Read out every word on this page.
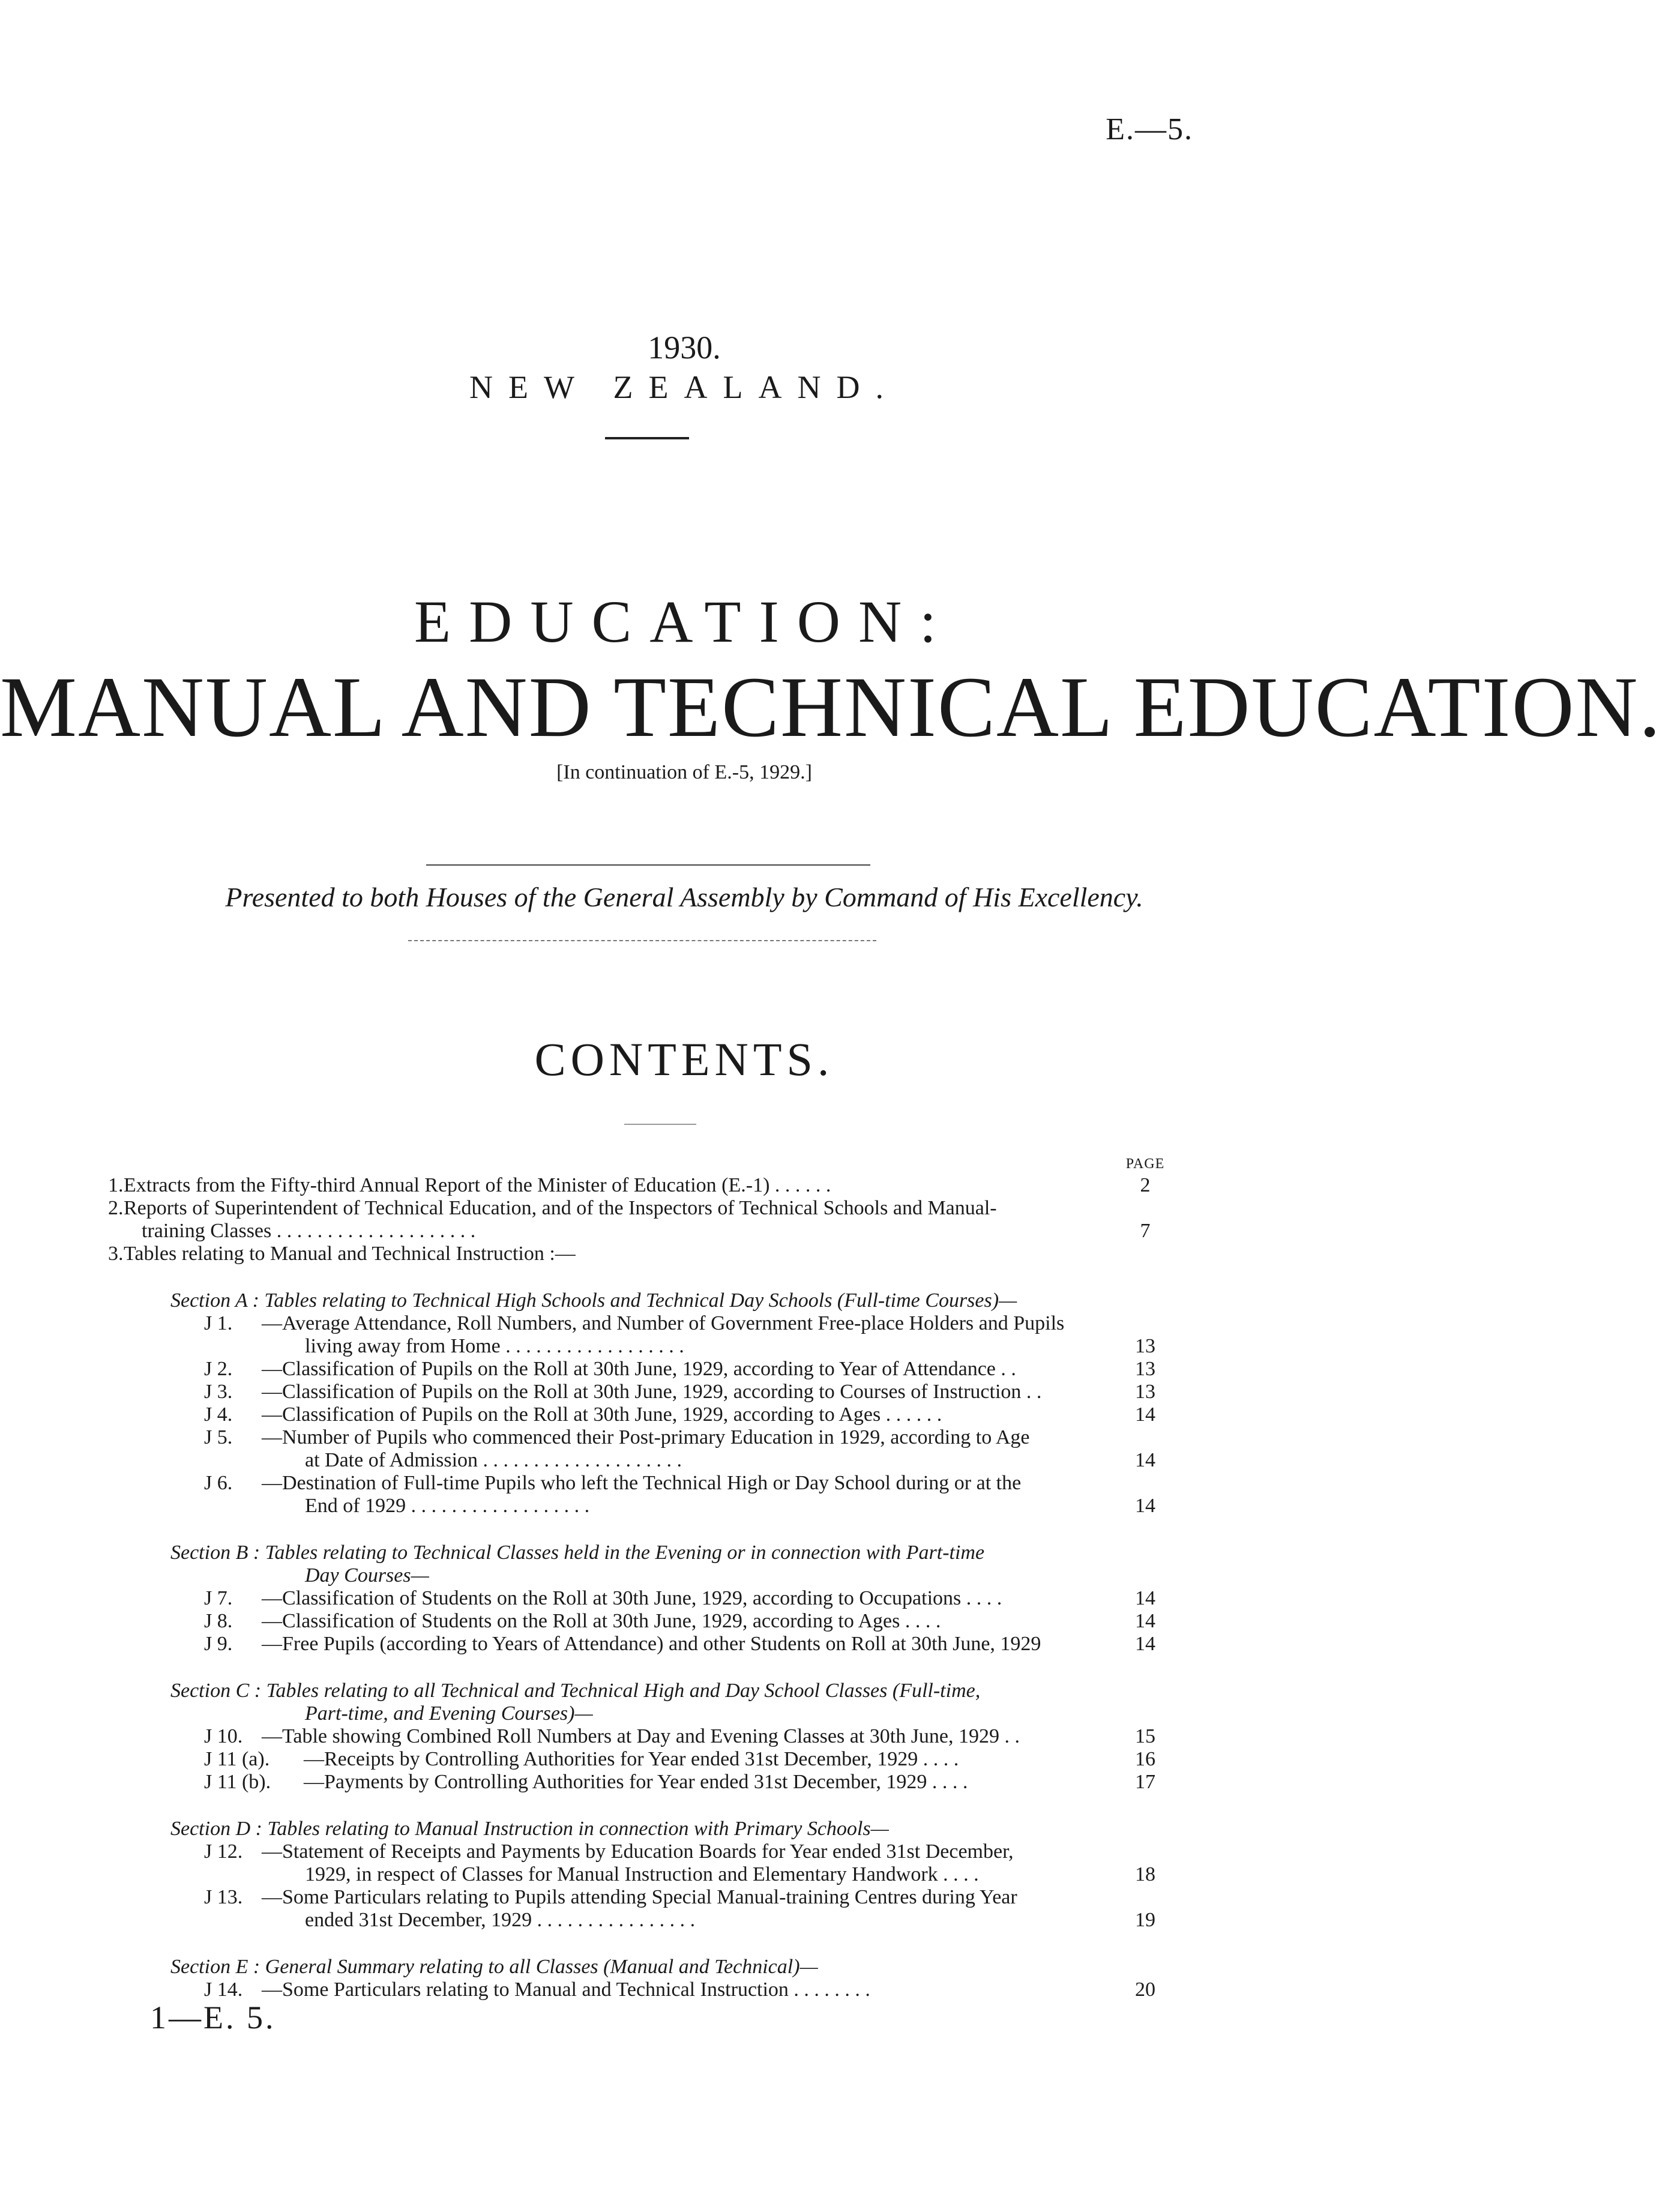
E.—5.
1930.
NEW ZEALAND.
EDUCATION:
MANUAL AND TECHNICAL EDUCATION.
[In continuation of E.-5, 1929.]
Presented to both Houses of the General Assembly by Command of His Excellency.
CONTENTS.
PAGE
1. Extracts from the Fifty-third Annual Report of the Minister of Education (E.-1) . . . . . .	2
2. Reports of Superintendent of Technical Education, and of the Inspectors of Technical Schools and Manual-
training Classes . . . . . . . . . . . . . . . . . . . .	7
3. Tables relating to Manual and Technical Instruction :—
Section A : Tables relating to Technical High Schools and Technical Day Schools (Full-time Courses)—
J 1. —Average Attendance, Roll Numbers, and Number of Government Free-place Holders and Pupils
living away from Home . . . . . . . . . . . . . . . . . .	13
J 2. —Classification of Pupils on the Roll at 30th June, 1929, according to Year of Attendance . .	13
J 3. —Classification of Pupils on the Roll at 30th June, 1929, according to Courses of Instruction . .	13
J 4. —Classification of Pupils on the Roll at 30th June, 1929, according to Ages . . . . . .	14
J 5. —Number of Pupils who commenced their Post-primary Education in 1929, according to Age
at Date of Admission . . . . . . . . . . . . . . . . . . . .	14
J 6. —Destination of Full-time Pupils who left the Technical High or Day School during or at the
End of 1929 . . . . . . . . . . . . . . . . . .	14
Section B : Tables relating to Technical Classes held in the Evening or in connection with Part-time
Day Courses—
J 7. —Classification of Students on the Roll at 30th June, 1929, according to Occupations . . . .	14
J 8. —Classification of Students on the Roll at 30th June, 1929, according to Ages . . . .	14
J 9. —Free Pupils (according to Years of Attendance) and other Students on Roll at 30th June, 1929	14
Section C : Tables relating to all Technical and Technical High and Day School Classes (Full-time,
Part-time, and Evening Courses)—
J 10. —Table showing Combined Roll Numbers at Day and Evening Classes at 30th June, 1929 . .	15
J 11 (a). —Receipts by Controlling Authorities for Year ended 31st December, 1929 . . . .	16
J 11 (b). —Payments by Controlling Authorities for Year ended 31st December, 1929 . . . .	17
Section D : Tables relating to Manual Instruction in connection with Primary Schools—
J 12. —Statement of Receipts and Payments by Education Boards for Year ended 31st December,
1929, in respect of Classes for Manual Instruction and Elementary Handwork . . . .	18
J 13. —Some Particulars relating to Pupils attending Special Manual-training Centres during Year
ended 31st December, 1929 . . . . . . . . . . . . . . . .	19
Section E : General Summary relating to all Classes (Manual and Technical)—
J 14. —Some Particulars relating to Manual and Technical Instruction . . . . . . . .	20
1—E. 5.
